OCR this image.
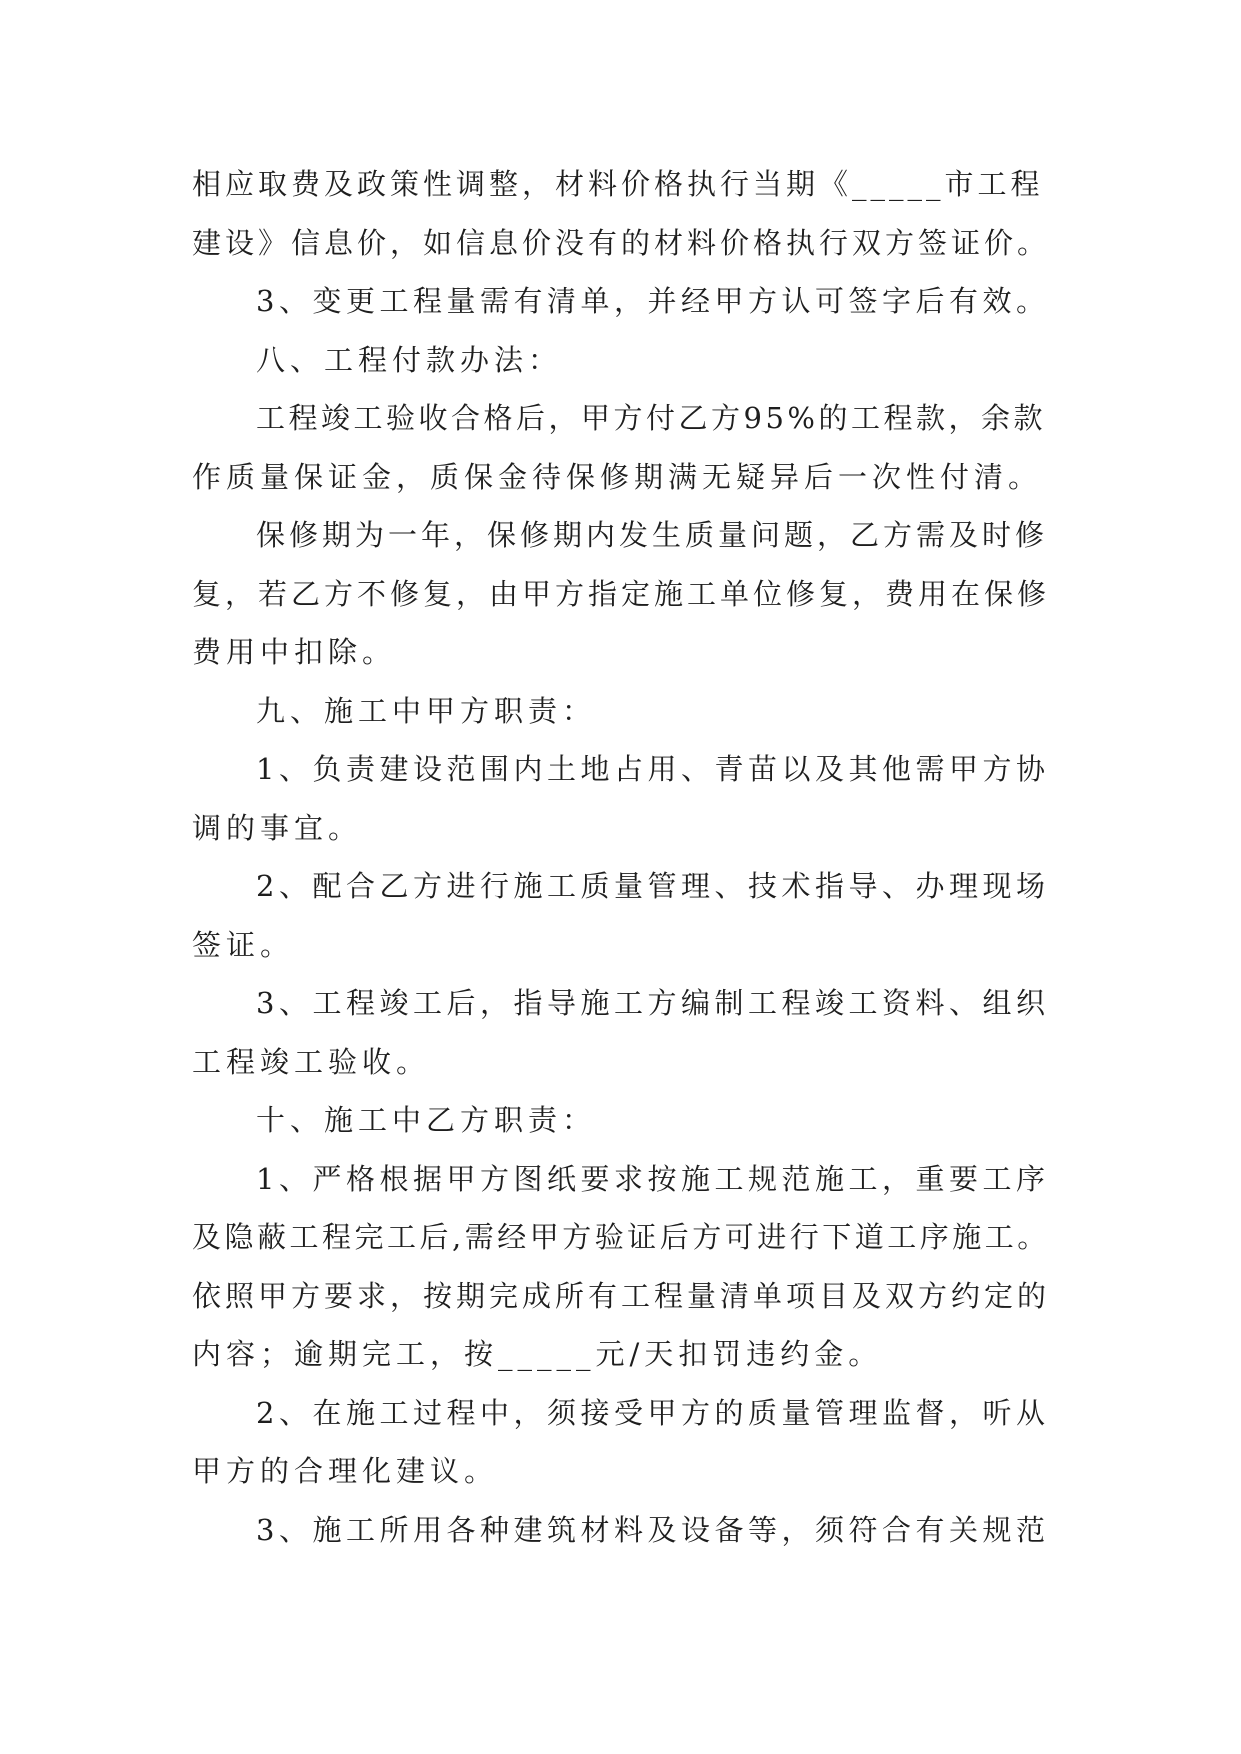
相应取费及政策性调整，材料价格执行当期《_____市工程
建设》信息价，如信息价没有的材料价格执行双方签证价。
3、变更工程量需有清单，并经甲方认可签字后有效。
八、工程付款办法：
工程竣工验收合格后，甲方付乙方95%的工程款，余款
作质量保证金，质保金待保修期满无疑异后一次性付清。
保修期为一年，保修期内发生质量问题，乙方需及时修
复，若乙方不修复，由甲方指定施工单位修复，费用在保修
费用中扣除。
九、施工中甲方职责：
1、负责建设范围内土地占用、青苗以及其他需甲方协
调的事宜。
2、配合乙方进行施工质量管理、技术指导、办理现场
签证。
3、工程竣工后，指导施工方编制工程竣工资料、组织
工程竣工验收。
十、施工中乙方职责：
1、严格根据甲方图纸要求按施工规范施工，重要工序
及隐蔽工程完工后,需经甲方验证后方可进行下道工序施工。
依照甲方要求，按期完成所有工程量清单项目及双方约定的
内容；逾期完工，按_____元/天扣罚违约金。
2、在施工过程中，须接受甲方的质量管理监督，听从
甲方的合理化建议。
3、施工所用各种建筑材料及设备等，须符合有关规范
